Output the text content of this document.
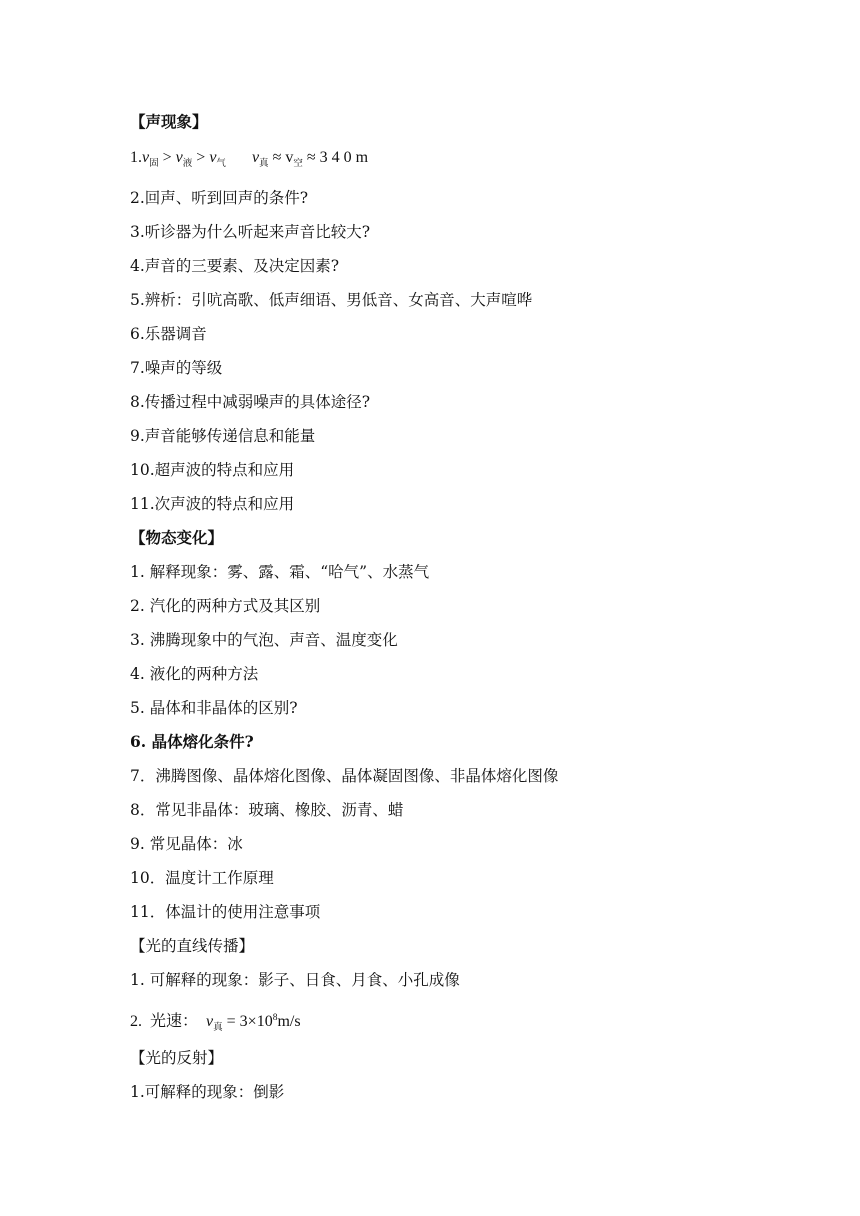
【声现象】
$1.v_固 > v_液 > v_气$ $v_真 \approx v_空 \approx 3$ 4 0 m
2.回声、听到回声的条件?
3.听诊器为什么听起来声音比较大?
4.声音的三要素、及决定因素?
5.辨析：引吭高歌、低声细语、男低音、女高音、大声喧哗
6.乐器调音
7.噪声的等级
8.传播过程中减弱噪声的具体途径?
9.声音能够传递信息和能量
10.超声波的特点和应用
11.次声波的特点和应用
【物态变化】
1. 解释现象：雾、露、霜、“哈气”、水蒸气
2. 汽化的两种方式及其区别
3. 沸腾现象中的气泡、声音、温度变化
4. 液化的两种方法
5. 晶体和非晶体的区别?
6. 晶体熔化条件?
7．沸腾图像、晶体熔化图像、晶体凝固图像、非晶体熔化图像
8．常见非晶体：玻璃、橡胶、沥青、蜡
9. 常见晶体：冰
10．温度计工作原理
11．体温计的使用注意事项
【光的直线传播】
1. 可解释的现象：影子、日食、月食、小孔成像
2.  光速： $v_真 = 3\times 10^8m/s$
【光的反射】
1.可解释的现象：倒影
